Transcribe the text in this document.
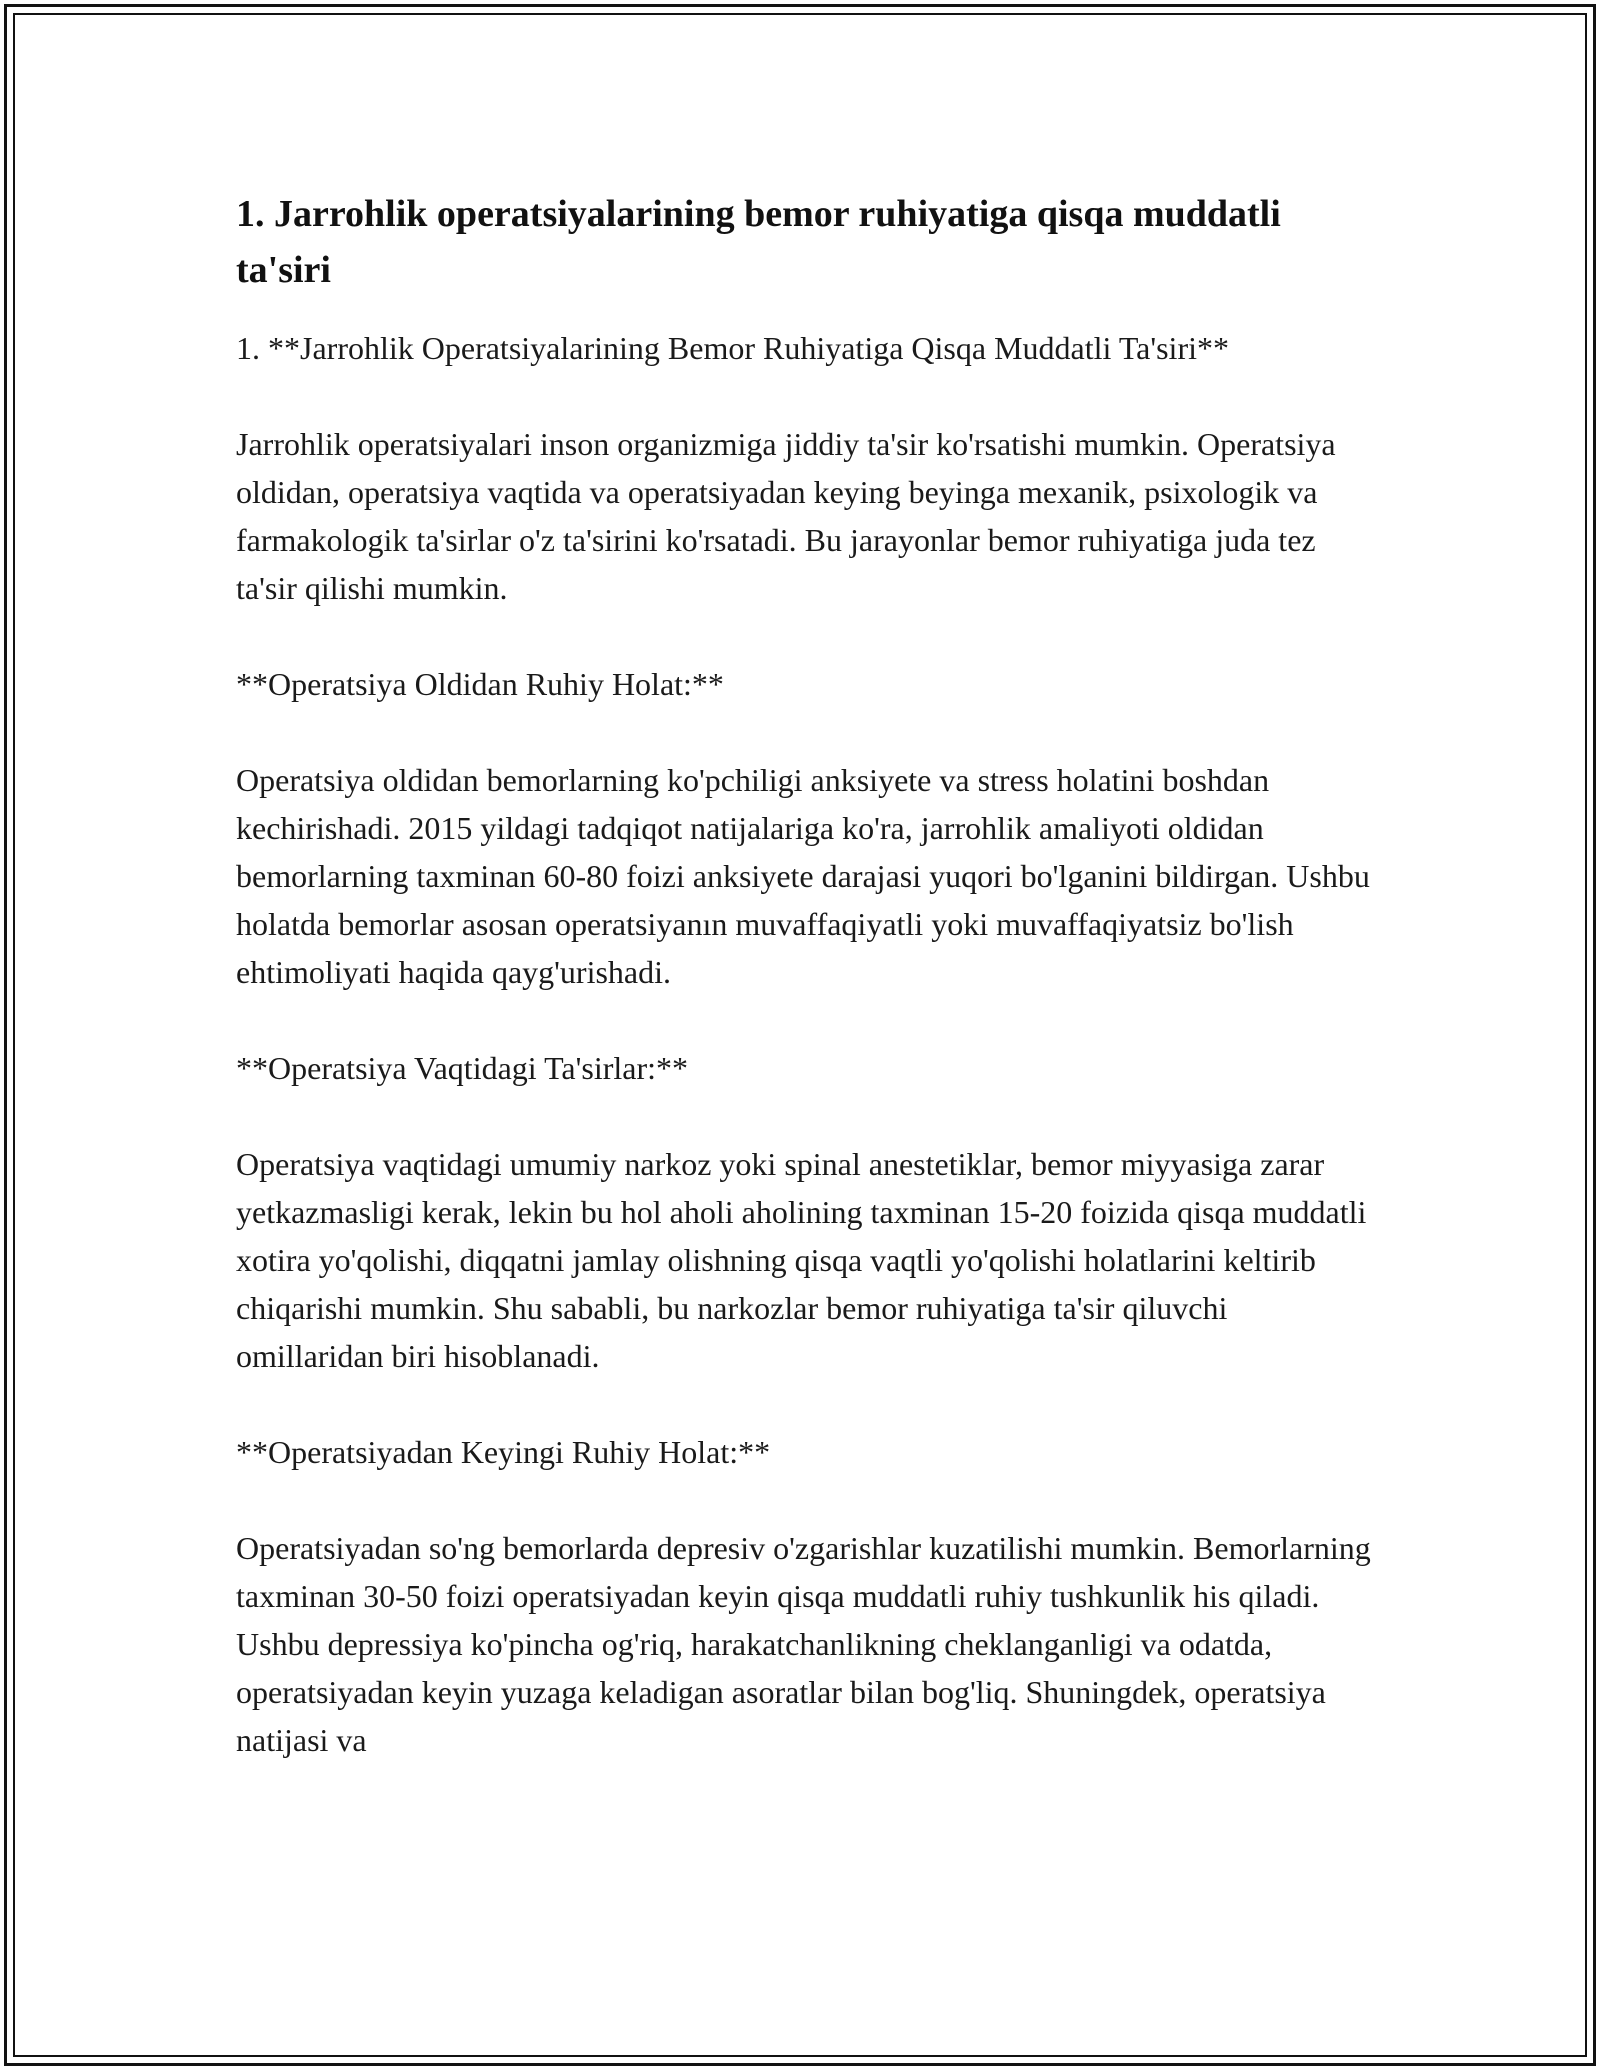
1. Jarrohlik operatsiyalarining bemor ruhiyatiga qisqa muddatli ta'siri

1. **Jarrohlik Operatsiyalarining Bemor Ruhiyatiga Qisqa Muddatli Ta'siri**

Jarrohlik operatsiyalari inson organizmiga jiddiy ta'sir ko'rsatishi mumkin. Operatsiya oldidan, operatsiya vaqtida va operatsiyadan keying beyinga mexanik, psixologik va farmakologik ta'sirlar o'z ta'sirini ko'rsatadi. Bu jarayonlar bemor ruhiyatiga juda tez ta'sir qilishi mumkin.

**Operatsiya Oldidan Ruhiy Holat:**

Operatsiya oldidan bemorlarning ko'pchiligi anksiyete va stress holatini boshdan kechirishadi. 2015 yildagi tadqiqot natijalariga ko'ra, jarrohlik amaliyoti oldidan bemorlarning taxminan 60-80 foizi anksiyete darajasi yuqori bo'lganini bildirgan. Ushbu holatda bemorlar asosan operatsiyanın muvaffaqiyatli yoki muvaffaqiyatsiz bo'lish ehtimoliyati haqida qayg'urishadi.

**Operatsiya Vaqtidagi Ta'sirlar:**

Operatsiya vaqtidagi umumiy narkoz yoki spinal anestetiklar, bemor miyyasiga zarar yetkazmasligi kerak, lekin bu hol aholi aholining taxminan 15-20 foizida qisqa muddatli xotira yo'qolishi, diqqatni jamlay olishning qisqa vaqtli yo'qolishi holatlarini keltirib chiqarishi mumkin. Shu sababli, bu narkozlar bemor ruhiyatiga ta'sir qiluvchi omillaridan biri hisoblanadi.

**Operatsiyadan Keyingi Ruhiy Holat:**

Operatsiyadan so'ng bemorlarda depresiv o'zgarishlar kuzatilishi mumkin. Bemorlarning taxminan 30-50 foizi operatsiyadan keyin qisqa muddatli ruhiy tushkunlik his qiladi. Ushbu depressiya ko'pincha og'riq, harakatchanlikning cheklanganligi va odatda, operatsiyadan keyin yuzaga keladigan asoratlar bilan bog'liq. Shuningdek, operatsiya natijasi va
